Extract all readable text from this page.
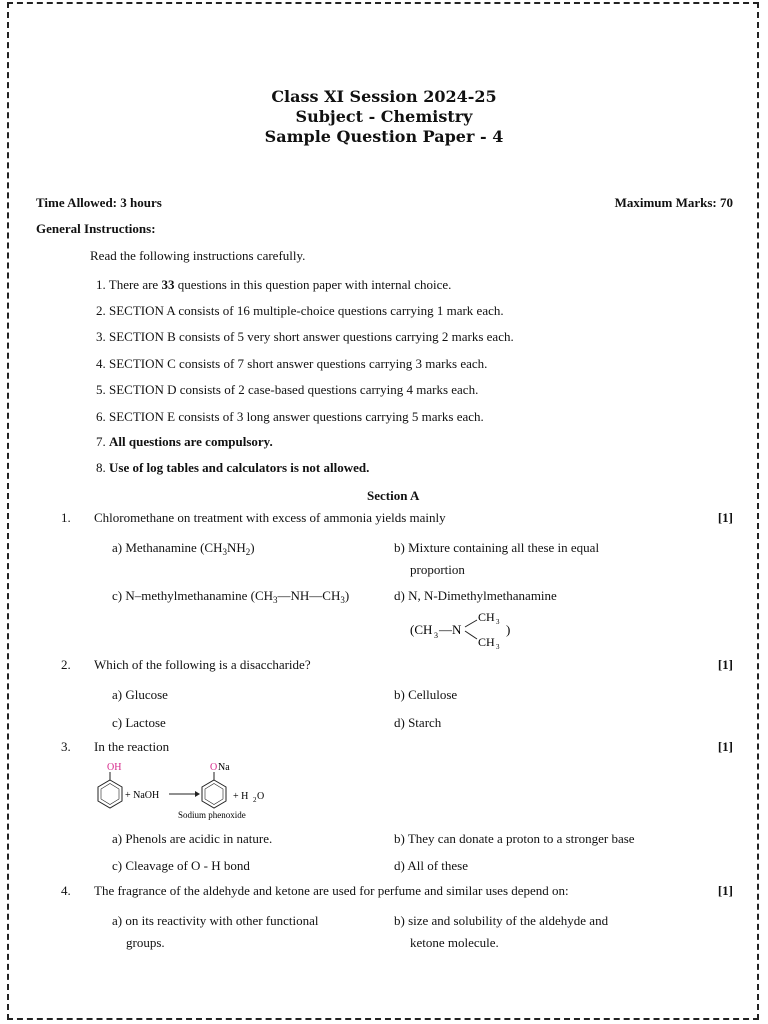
Class XI Session 2024-25
Subject - Chemistry
Sample Question Paper - 4
Time Allowed: 3 hours	Maximum Marks: 70
General Instructions:
Read the following instructions carefully.
1. There are 33 questions in this question paper with internal choice.
2. SECTION A consists of 16 multiple-choice questions carrying 1 mark each.
3. SECTION B consists of 5 very short answer questions carrying 2 marks each.
4. SECTION C consists of 7 short answer questions carrying 3 marks each.
5. SECTION D consists of 2 case-based questions carrying 4 marks each.
6. SECTION E consists of 3 long answer questions carrying 5 marks each.
7. All questions are compulsory.
8. Use of log tables and calculators is not allowed.
Section A
1. Chloromethane on treatment with excess of ammonia yields mainly	[1]
a) Methanamine $(CH_3NH_2)$	b) Mixture containing all these in equal
proportion
c) N–methylmethanamine $(CH_3—NH—CH_3)$	d) N, N-Dimethylmethanamine
(CH 3 —N
CH 3
CH 3
)
2. Which of the following is a disaccharide?	[1]
a) Glucose	b) Cellulose
c) Lactose	d) Starch
3. In the reaction	[1]
OH
+ NaOH
O Na
+ H 2 O
Sodium phenoxide
a) Phenols are acidic in nature.	b) They can donate a proton to a stronger base
c) Cleavage of O - H bond	d) All of these
4. The fragrance of the aldehyde and ketone are used for perfume and similar uses depend on:	[1]
a) on its reactivity with other functional
groups.
b) size and solubility of the aldehyde and
ketone molecule.
